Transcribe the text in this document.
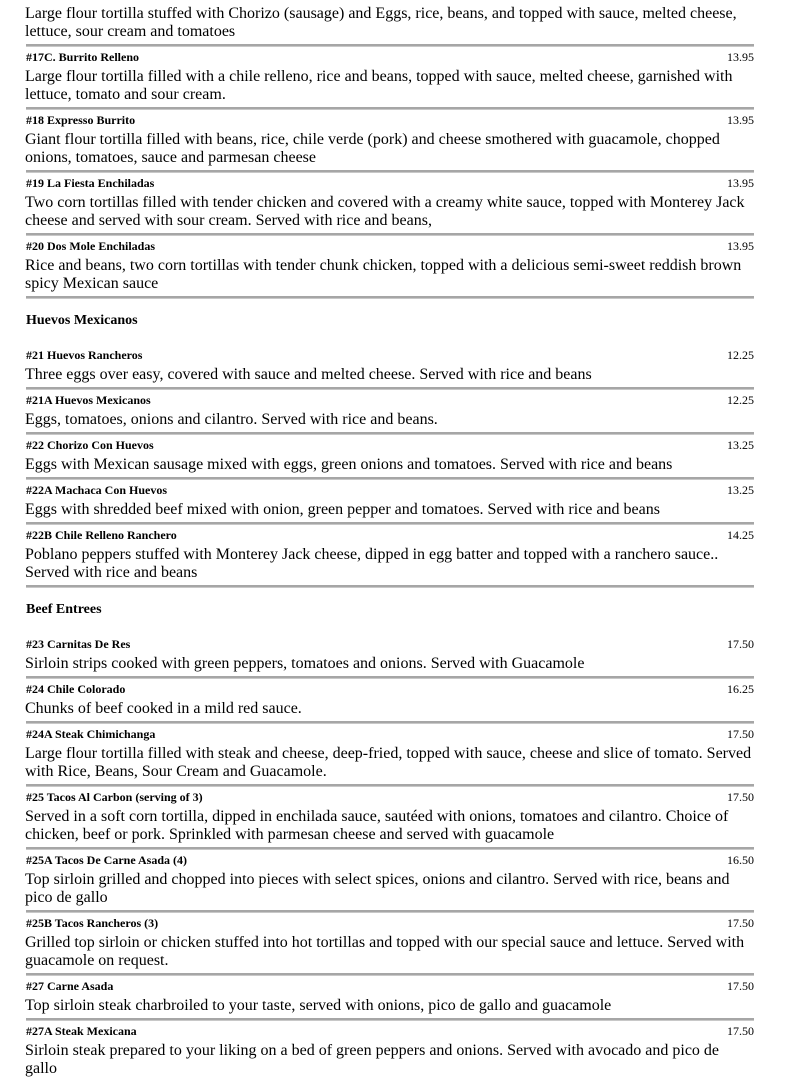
Large flour tortilla stuffed with Chorizo (sausage) and Eggs, rice, beans, and topped with sauce, melted cheese, lettuce, sour cream and tomatoes

#17C. Burrito Relleno	13.95

Large flour tortilla filled with a chile relleno, rice and beans, topped with sauce, melted cheese, garnished with lettuce, tomato and sour cream.

#18 Expresso Burrito	13.95

Giant flour tortilla filled with beans, rice, chile verde (pork) and cheese smothered with guacamole, chopped onions, tomatoes, sauce and parmesan cheese

#19 La Fiesta Enchiladas	13.95

Two corn tortillas filled with tender chicken and covered with a creamy white sauce, topped with Monterey Jack cheese and served with sour cream. Served with rice and beans,

#20 Dos Mole Enchiladas	13.95

Rice and beans, two corn tortillas with tender chunk chicken, topped with a delicious semi-sweet reddish brown spicy Mexican sauce

Huevos Mexicanos
#21 Huevos Rancheros	12.25

Three eggs over easy, covered with sauce and melted cheese. Served with rice and beans

#21A Huevos Mexicanos	12.25

Eggs, tomatoes, onions and cilantro. Served with rice and beans.

#22 Chorizo Con Huevos	13.25

Eggs with Mexican sausage mixed with eggs, green onions and tomatoes. Served with rice and beans

#22A Machaca Con Huevos	13.25

Eggs with shredded beef mixed with onion, green pepper and tomatoes. Served with rice and beans

#22B Chile Relleno Ranchero	14.25

Poblano peppers stuffed with Monterey Jack cheese, dipped in egg batter and topped with a ranchero sauce.. Served with rice and beans

Beef Entrees
#23 Carnitas De Res	17.50

Sirloin strips cooked with green peppers, tomatoes and onions. Served with Guacamole

#24 Chile Colorado	16.25

Chunks of beef cooked in a mild red sauce.

#24A Steak Chimichanga	17.50

Large flour tortilla filled with steak and cheese, deep-fried, topped with sauce, cheese and slice of tomato. Served with Rice, Beans, Sour Cream and Guacamole.

#25 Tacos Al Carbon (serving of 3)	17.50

Served in a soft corn tortilla, dipped in enchilada sauce, sautéed with onions, tomatoes and cilantro. Choice of chicken, beef or pork. Sprinkled with parmesan cheese and served with guacamole

#25A Tacos De Carne Asada (4)	16.50

Top sirloin grilled and chopped into pieces with select spices, onions and cilantro. Served with rice, beans and pico de gallo

#25B Tacos Rancheros (3)	17.50

Grilled top sirloin or chicken stuffed into hot tortillas and topped with our special sauce and lettuce. Served with guacamole on request.

#27 Carne Asada	17.50

Top sirloin steak charbroiled to your taste, served with onions, pico de gallo and guacamole

#27A Steak Mexicana	17.50

Sirloin steak prepared to your liking on a bed of green peppers and onions. Served with avocado and pico de gallo
